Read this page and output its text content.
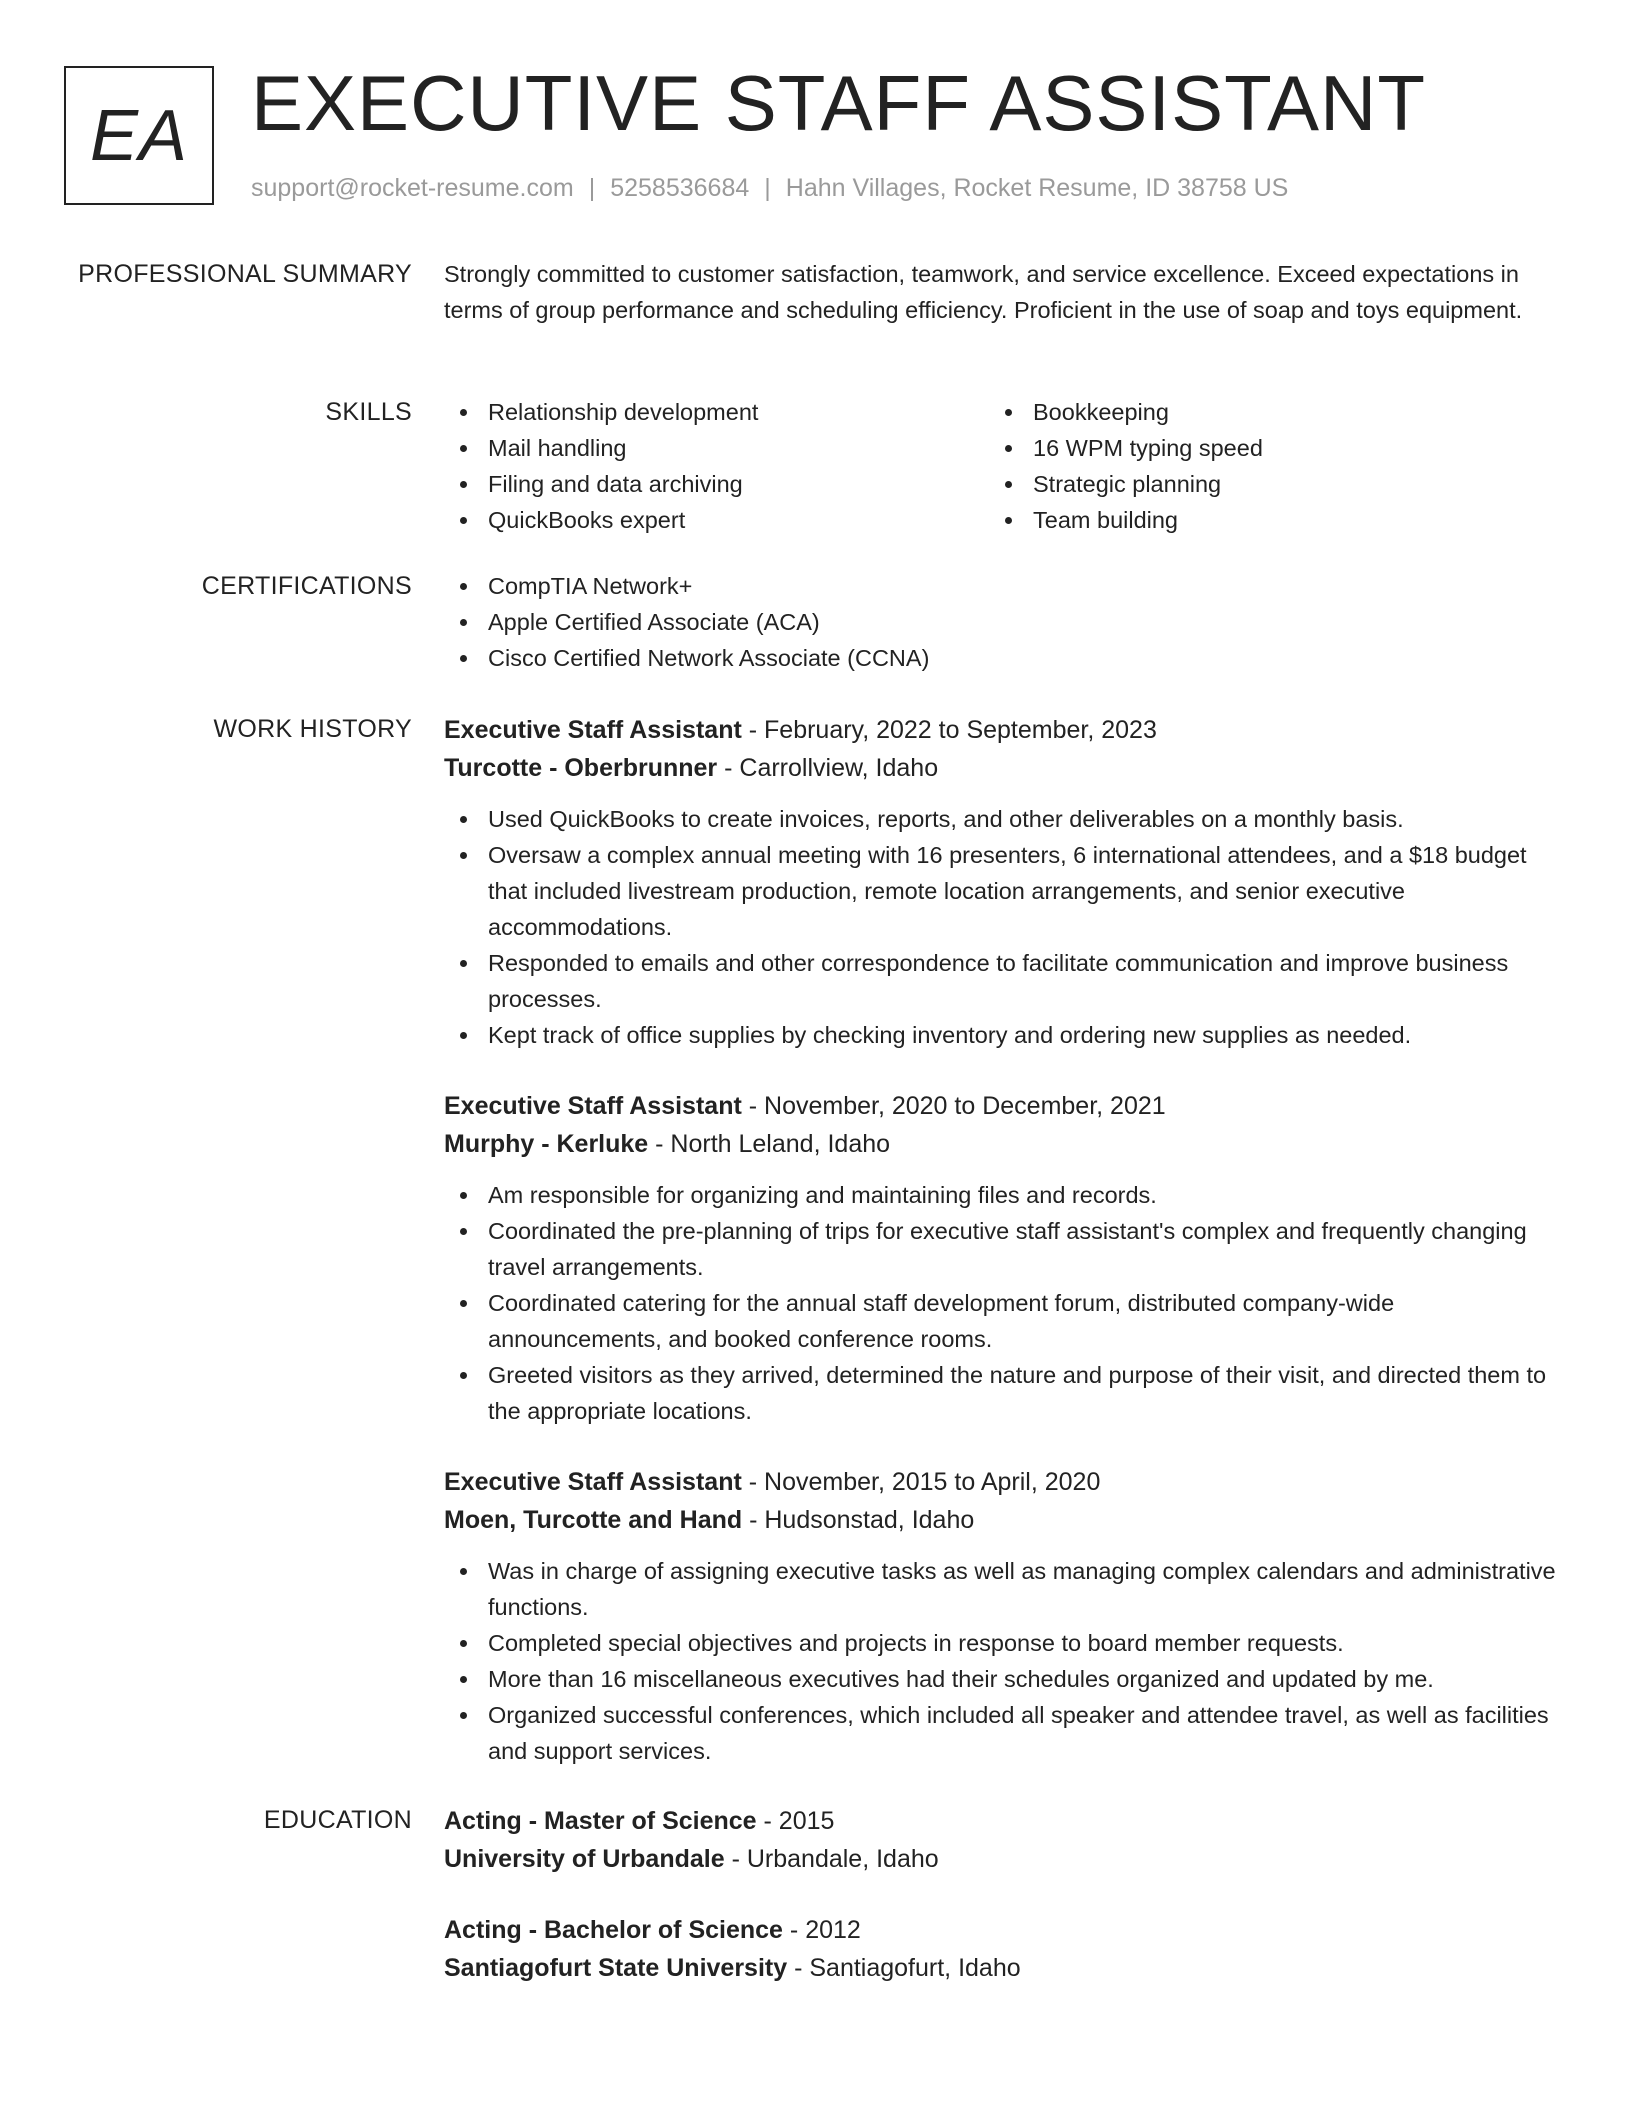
EA EXECUTIVE STAFF ASSISTANT
support@rocket-resume.com | 5258536684 | Hahn Villages, Rocket Resume, ID 38758 US
PROFESSIONAL SUMMARY Strongly committed to customer satisfaction, teamwork, and service excellence. Exceed expectations in terms of group performance and scheduling efficiency. Proficient in the use of soap and toys equipment.

SKILLS	Relationship development
Mail handling
Filing and data archiving
QuickBooks expert
Bookkeeping
16 WPM typing speed
Strategic planning
Team building
CERTIFICATIONS	CompTIA Network+
Apple Certified Associate (ACA)
Cisco Certified Network Associate (CCNA)
WORK HISTORY Executive Staff Assistant - February, 2022 to September, 2023
Turcotte - Oberbrunner - Carrollview, Idaho
Used QuickBooks to create invoices, reports, and other deliverables on a monthly basis.
Oversaw a complex annual meeting with 16 presenters, 6 international attendees, and a $18 budget that included livestream production, remote location arrangements, and senior executive accommodations.
Responded to emails and other correspondence to facilitate communication and improve business processes.
Kept track of office supplies by checking inventory and ordering new supplies as needed.
Executive Staff Assistant - November, 2020 to December, 2021
Murphy - Kerluke - North Leland, Idaho
Am responsible for organizing and maintaining files and records.
Coordinated the pre-planning of trips for executive staff assistant's complex and frequently changing travel arrangements.
Coordinated catering for the annual staff development forum, distributed company-wide announcements, and booked conference rooms.
Greeted visitors as they arrived, determined the nature and purpose of their visit, and directed them to the appropriate locations.
Executive Staff Assistant - November, 2015 to April, 2020
Moen, Turcotte and Hand - Hudsonstad, Idaho
Was in charge of assigning executive tasks as well as managing complex calendars and administrative functions.
Completed special objectives and projects in response to board member requests.
More than 16 miscellaneous executives had their schedules organized and updated by me.
Organized successful conferences, which included all speaker and attendee travel, as well as facilities and support services.
EDUCATION Acting - Master of Science - 2015
University of Urbandale - Urbandale, Idaho
Acting - Bachelor of Science - 2012
Santiagofurt State University - Santiagofurt, Idaho
